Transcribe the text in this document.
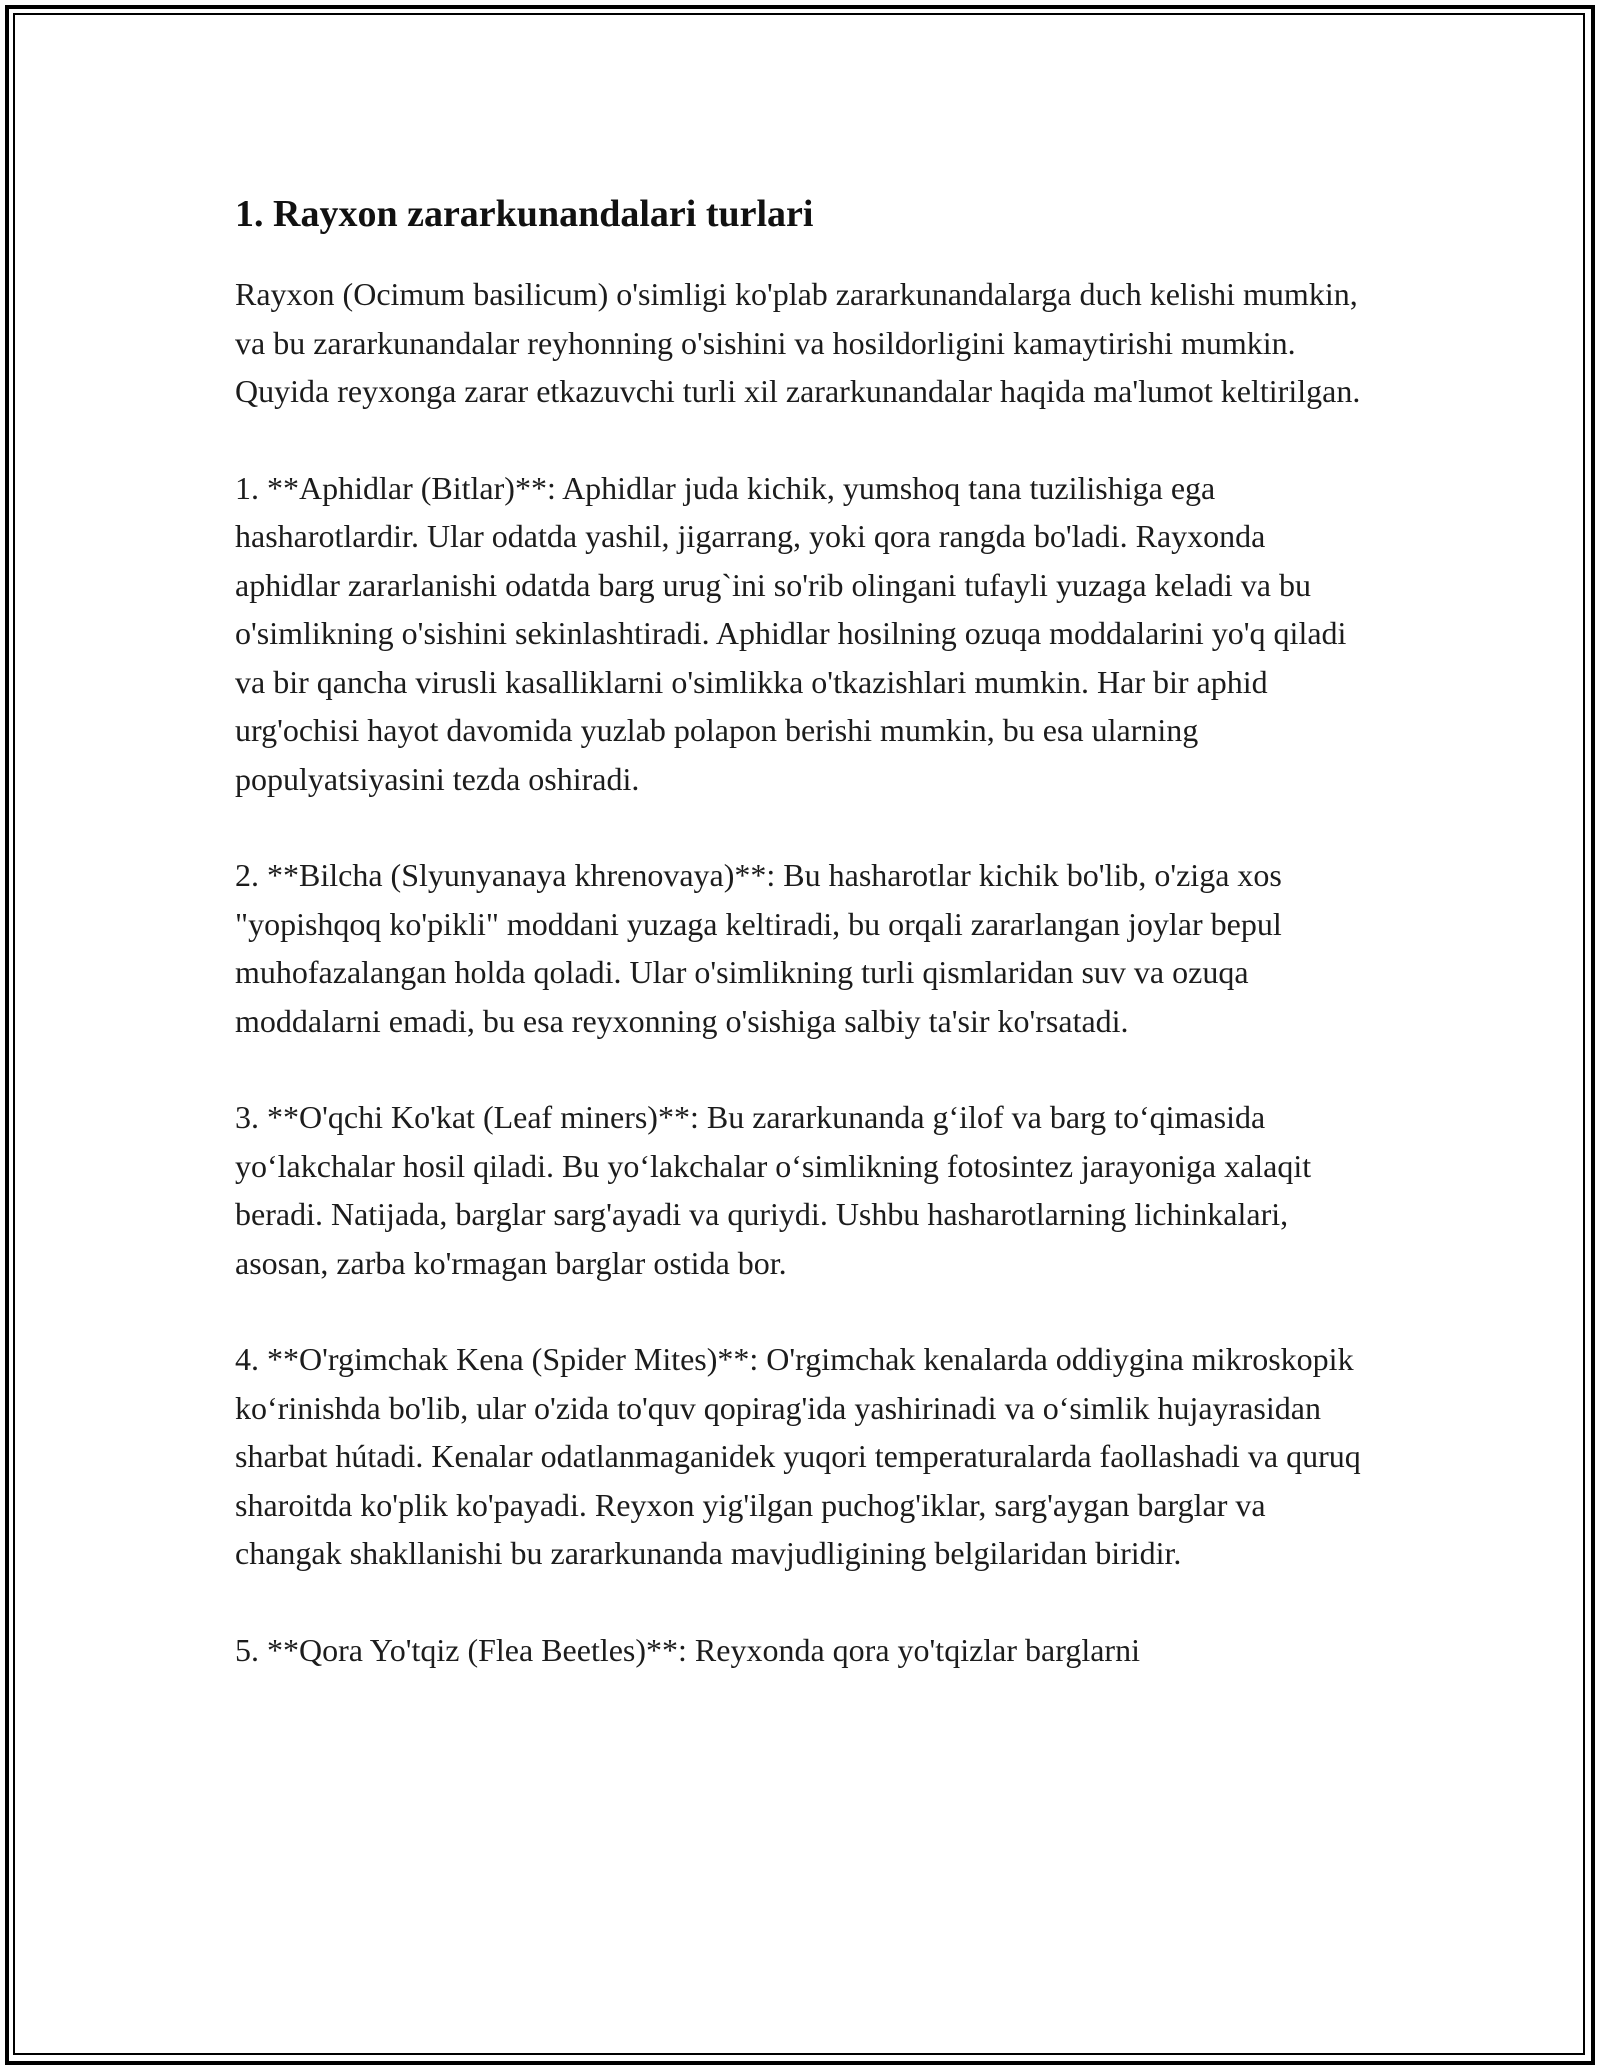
1. Rayxon zararkunandalari turlari

Rayxon (Ocimum basilicum) o'simligi ko'plab zararkunandalarga duch kelishi mumkin, va bu zararkunandalar reyhonning o'sishini va hosildorligini kamaytirishi mumkin. Quyida reyxonga zarar etkazuvchi turli xil zararkunandalar haqida ma'lumot keltirilgan.

1. **Aphidlar (Bitlar)**: Aphidlar juda kichik, yumshoq tana tuzilishiga ega hasharotlardir. Ular odatda yashil, jigarrang, yoki qora rangda bo'ladi. Rayxonda aphidlar zararlanishi odatda barg urug`ini so'rib olingani tufayli yuzaga keladi va bu o'simlikning o'sishini sekinlashtiradi. Aphidlar hosilning ozuqa moddalarini yo'q qiladi va bir qancha virusli kasalliklarni o'simlikka o'tkazishlari mumkin. Har bir aphid urg'ochisi hayot davomida yuzlab polapon berishi mumkin, bu esa ularning populyatsiyasini tezda oshiradi.

2. **Bilcha (Slyunyanaya khrenovaya)**: Bu hasharotlar kichik bo'lib, o'ziga xos "yopishqoq ko'pikli" moddani yuzaga keltiradi, bu orqali zararlangan joylar bepul muhofazalangan holda qoladi. Ular o'simlikning turli qismlaridan suv va ozuqa moddalarni emadi, bu esa reyxonning o'sishiga salbiy ta'sir ko'rsatadi.

3. **O'qchi Ko'kat (Leaf miners)**: Bu zararkunanda g‘ilof va barg to‘qimasida yo‘lakchalar hosil qiladi. Bu yo‘lakchalar o‘simlikning fotosintez jarayoniga xalaqit beradi. Natijada, barglar sarg'ayadi va quriydi. Ushbu hasharotlarning lichinkalari, asosan, zarba ko'rmagan barglar ostida bor.

4. **O'rgimchak Kena (Spider Mites)**: O'rgimchak kenalarda oddiygina mikroskopik ko‘rinishda bo'lib, ular o'zida to'quv qopirag'ida yashirinadi va o‘simlik hujayrasidan sharbat hútadi. Kenalar odatlanmaganidek yuqori temperaturalarda faollashadi va quruq sharoitda ko'plik ko'payadi. Reyxon yig'ilgan puchog'iklar, sarg'aygan barglar va changak shakllanishi bu zararkunanda mavjudligining belgilaridan biridir.

5. **Qora Yo'tqiz (Flea Beetles)**: Reyxonda qora yo'tqizlar barglarni
